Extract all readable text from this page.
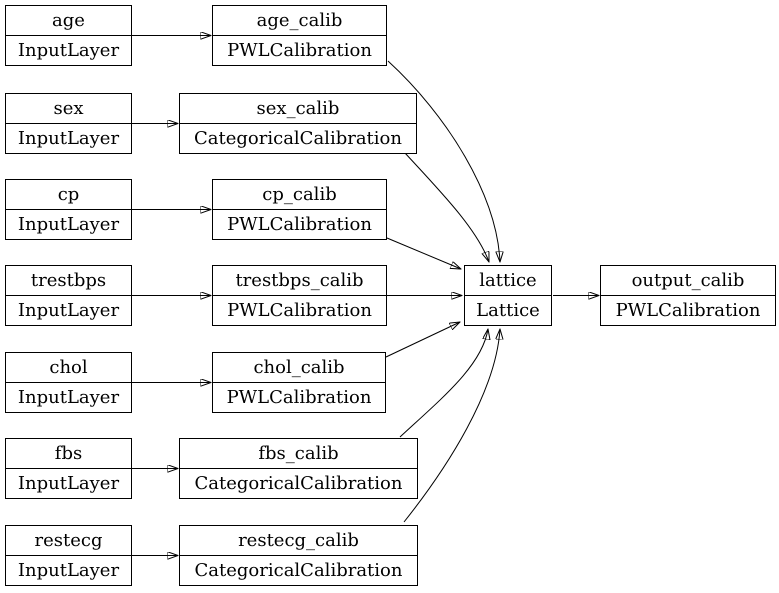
age
InputLayer
age_calib
PWLCalibration
sex
InputLayer
sex_calib
CategoricalCalibration
cp
InputLayer
cp_calib
PWLCalibration
trestbps
InputLayer
trestbps_calib
PWLCalibration
chol
InputLayer
chol_calib
PWLCalibration
fbs
InputLayer
fbs_calib
CategoricalCalibration
restecg
InputLayer
restecg_calib
CategoricalCalibration
lattice
Lattice
output_calib
PWLCalibration
